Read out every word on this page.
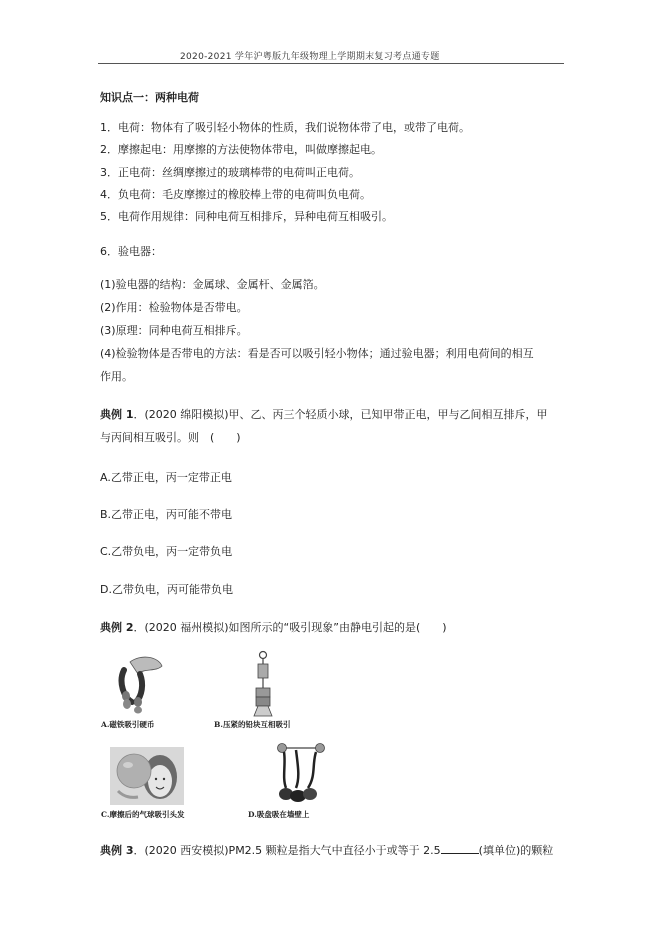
2020-2021 学年沪粤版九年级物理上学期期末复习考点通专题
知识点一：两种电荷
1．电荷：物体有了吸引轻小物体的性质，我们说物体带了电，或带了电荷。
2．摩擦起电：用摩擦的方法使物体带电，叫做摩擦起电。
3．正电荷：丝绸摩擦过的玻璃棒带的电荷叫正电荷。
4．负电荷：毛皮摩擦过的橡胶棒上带的电荷叫负电荷。
5．电荷作用规律：同种电荷互相排斥，异种电荷互相吸引。
6．验电器：
(1)验电器的结构：金属球、金属杆、金属箔。
(2)作用：检验物体是否带电。
(3)原理：同种电荷互相排斥。
(4)检验物体是否带电的方法：看是否可以吸引轻小物体；通过验电器；利用电荷间的相互
作用。
典例 1．(2020 绵阳模拟)甲、乙、丙三个轻质小球，已知甲带正电，甲与乙间相互排斥，甲
与丙间相互吸引。则　(　　)
A.乙带正电，丙一定带正电
B.乙带正电，丙可能不带电
C.乙带负电，丙一定带负电
D.乙带负电，丙可能带负电
典例 2．(2020 福州模拟)如图所示的“吸引现象”由静电引起的是(　　)
A.磁铁吸引硬币	B.压紧的铅块互相吸引
C.摩擦后的气球吸引头发	D.吸盘吸在墙壁上
典例 3．(2020 西安模拟)PM2.5 颗粒是指大气中直径小于或等于 2.5	(填单位)的颗粒
